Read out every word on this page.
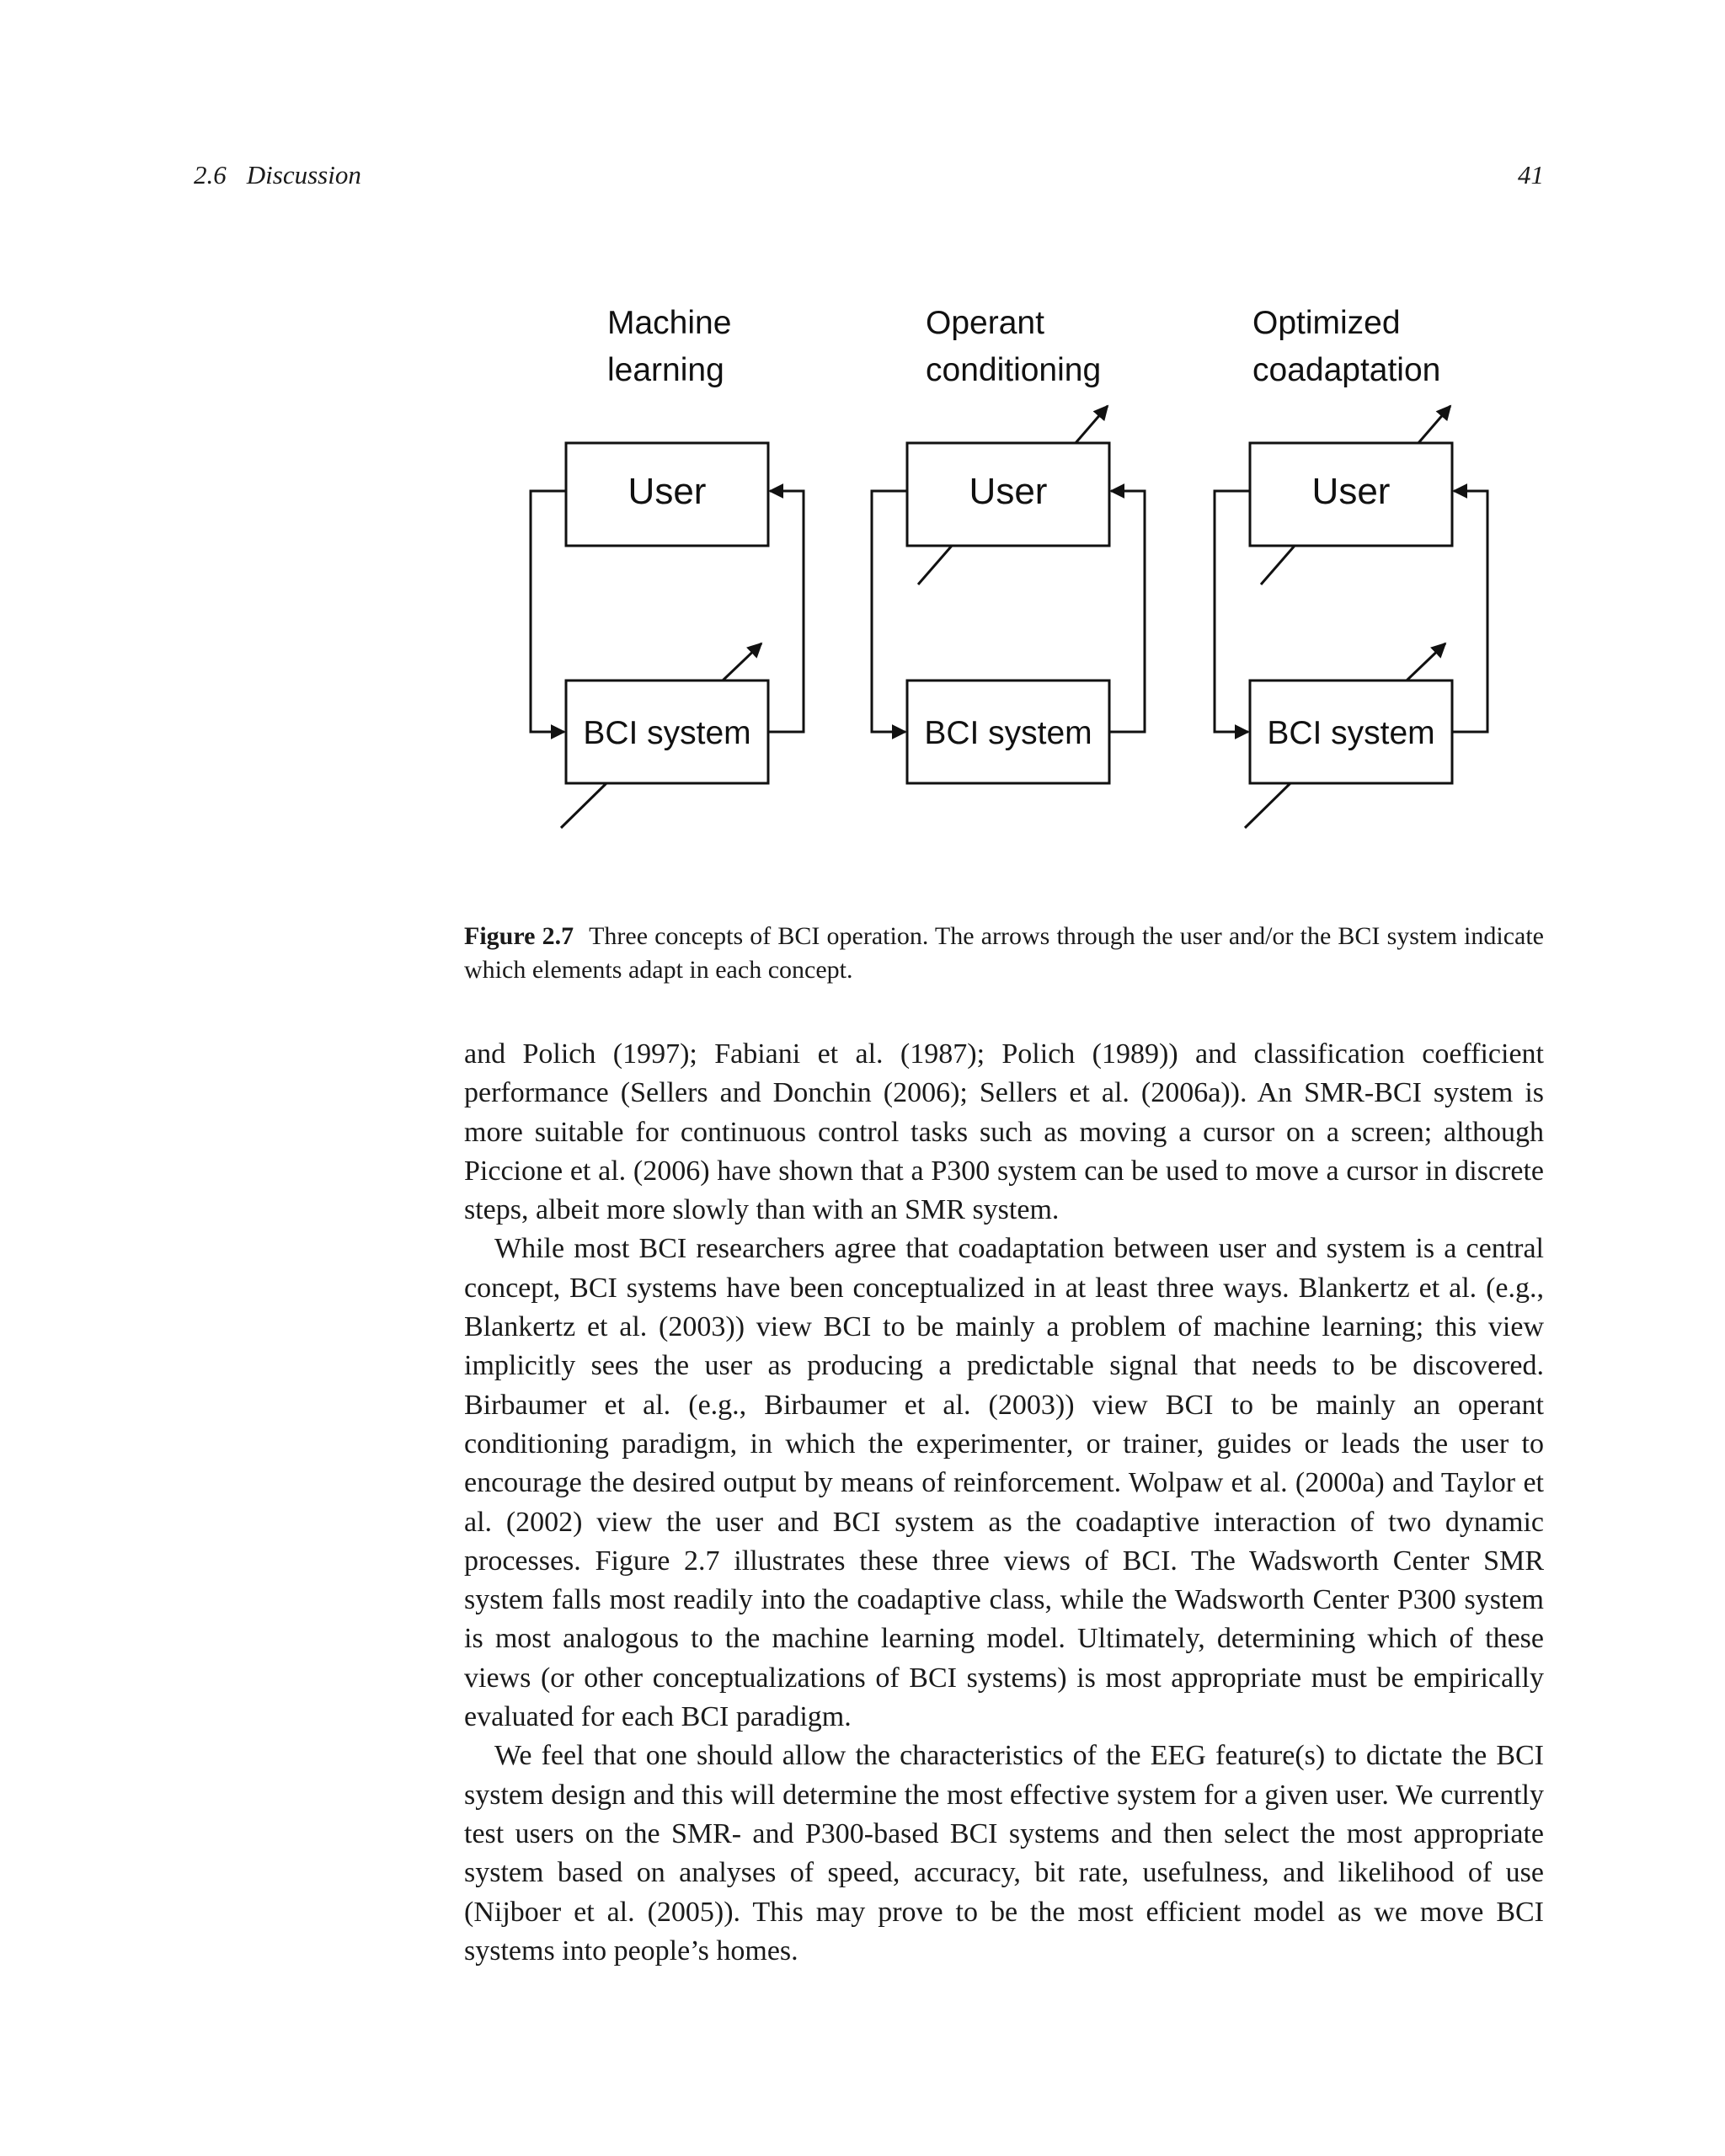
2.6 Discussion	41
Machine
learning
Operant
conditioning
Optimized
coadaptation
User	User	User
BCI system	BCI system	BCI system
Figure 2.7 Three concepts of BCI operation. The arrows through the user and/or the BCI system indicate which elements adapt in each concept.

and Polich (1997); Fabiani et al. (1987); Polich (1989)) and classification coefficient performance (Sellers and Donchin (2006); Sellers et al. (2006a)). An SMR-BCI system is more suitable for continuous control tasks such as moving a cursor on a screen; although Piccione et al. (2006) have shown that a P300 system can be used to move a cursor in discrete steps, albeit more slowly than with an SMR system.

While most BCI researchers agree that coadaptation between user and system is a central concept, BCI systems have been conceptualized in at least three ways. Blankertz et al. (e.g., Blankertz et al. (2003)) view BCI to be mainly a problem of machine learning; this view implicitly sees the user as producing a predictable signal that needs to be discovered. Birbaumer et al. (e.g., Birbaumer et al. (2003)) view BCI to be mainly an operant conditioning paradigm, in which the experimenter, or trainer, guides or leads the user to encourage the desired output by means of reinforcement. Wolpaw et al. (2000a) and Taylor et al. (2002) view the user and BCI system as the coadaptive interaction of two dynamic processes. Figure 2.7 illustrates these three views of BCI. The Wadsworth Center SMR system falls most readily into the coadaptive class, while the Wadsworth Center P300 system is most analogous to the machine learning model. Ultimately, determining which of these views (or other conceptualizations of BCI systems) is most appropriate must be empirically evaluated for each BCI paradigm.

We feel that one should allow the characteristics of the EEG feature(s) to dictate the BCI system design and this will determine the most effective system for a given user. We currently test users on the SMR- and P300-based BCI systems and then select the most appropriate system based on analyses of speed, accuracy, bit rate, usefulness, and likelihood of use (Nijboer et al. (2005)). This may prove to be the most efficient model as we move BCI systems into people’s homes.
